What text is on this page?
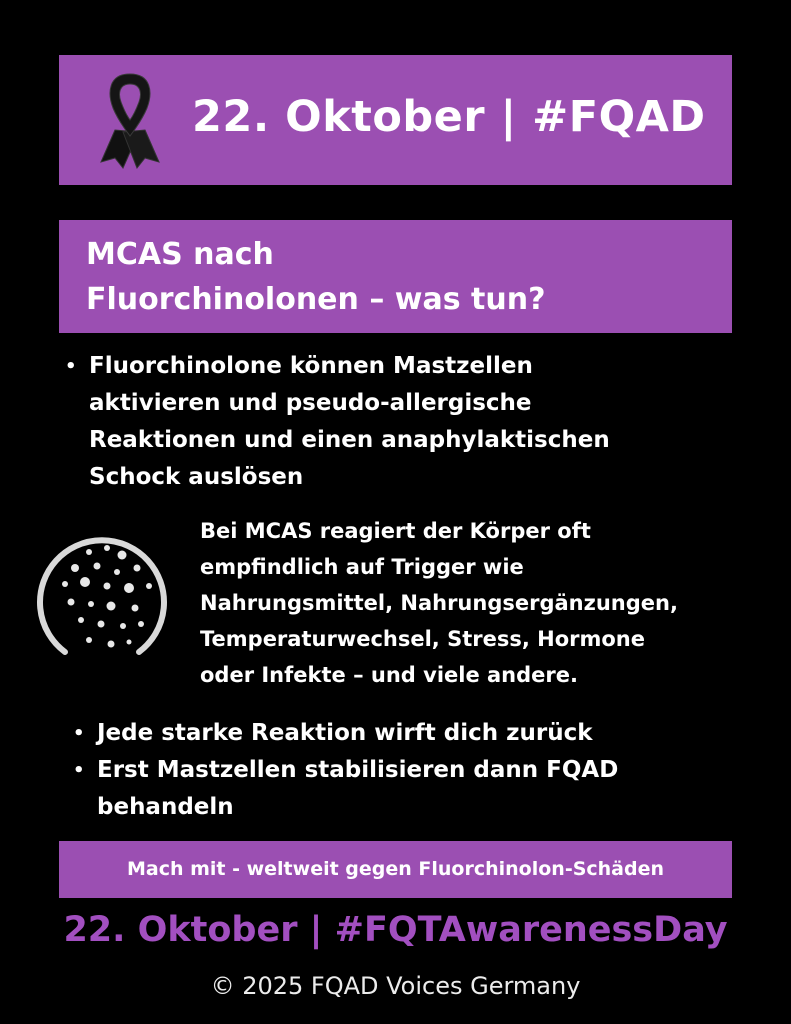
22. Oktober | #FQAD
MCAS nach
Fluorchinolonen – was tun?
• Fluorchinolone können Mastzellen
aktivieren und pseudo-allergische
Reaktionen und einen anaphylaktischen
Schock auslösen
Bei MCAS reagiert der Körper oft
empfindlich auf Trigger wie
Nahrungsmittel, Nahrungsergänzungen,
Temperaturwechsel, Stress, Hormone
oder Infekte – und viele andere.
• Jede starke Reaktion wirft dich zurück
• Erst Mastzellen stabilisieren dann FQAD
behandeln
Mach mit - weltweit gegen Fluorchinolon-Schäden
22. Oktober | #FQTAwarenessDay
© 2025 FQAD Voices Germany
